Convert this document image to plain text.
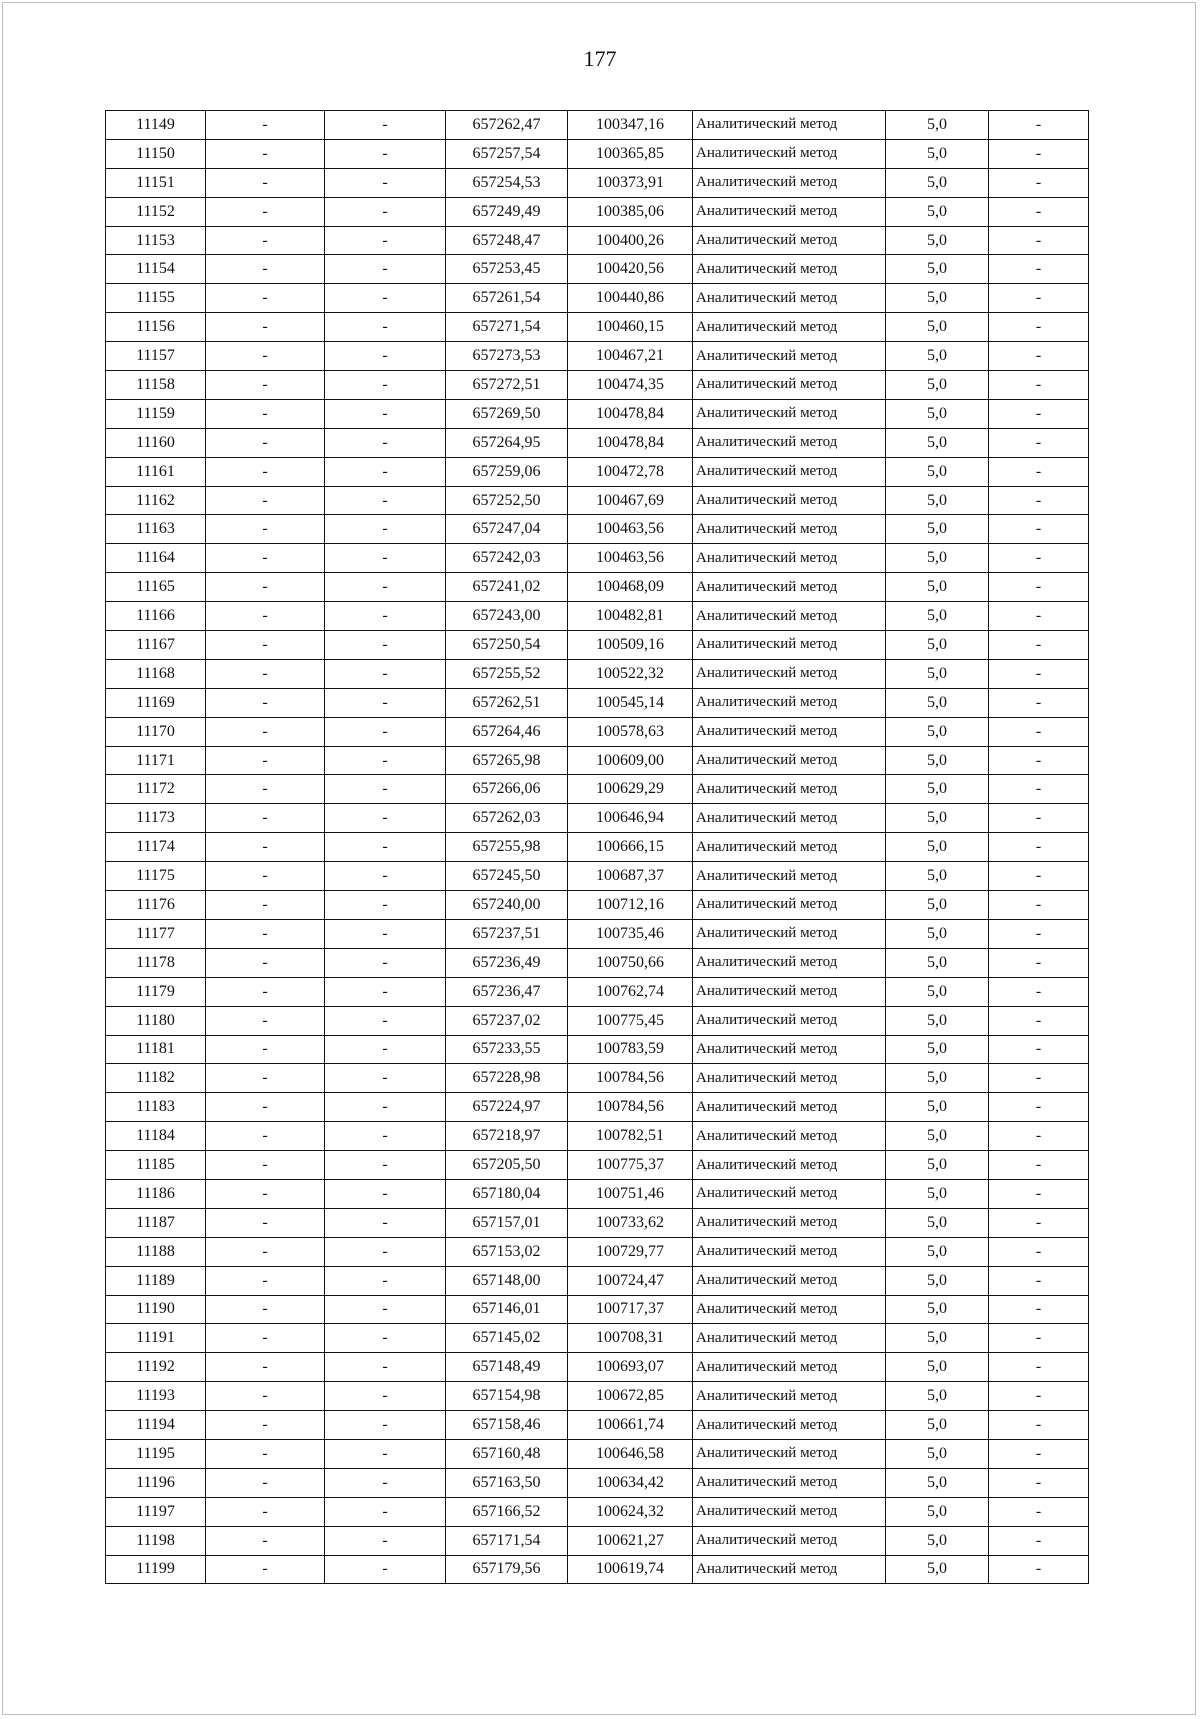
177
11149	-	-	657262,47	100347,16	Аналитический метод	5,0	-
11150	-	-	657257,54	100365,85	Аналитический метод	5,0	-
11151	-	-	657254,53	100373,91	Аналитический метод	5,0	-
11152	-	-	657249,49	100385,06	Аналитический метод	5,0	-
11153	-	-	657248,47	100400,26	Аналитический метод	5,0	-
11154	-	-	657253,45	100420,56	Аналитический метод	5,0	-
11155	-	-	657261,54	100440,86	Аналитический метод	5,0	-
11156	-	-	657271,54	100460,15	Аналитический метод	5,0	-
11157	-	-	657273,53	100467,21	Аналитический метод	5,0	-
11158	-	-	657272,51	100474,35	Аналитический метод	5,0	-
11159	-	-	657269,50	100478,84	Аналитический метод	5,0	-
11160	-	-	657264,95	100478,84	Аналитический метод	5,0	-
11161	-	-	657259,06	100472,78	Аналитический метод	5,0	-
11162	-	-	657252,50	100467,69	Аналитический метод	5,0	-
11163	-	-	657247,04	100463,56	Аналитический метод	5,0	-
11164	-	-	657242,03	100463,56	Аналитический метод	5,0	-
11165	-	-	657241,02	100468,09	Аналитический метод	5,0	-
11166	-	-	657243,00	100482,81	Аналитический метод	5,0	-
11167	-	-	657250,54	100509,16	Аналитический метод	5,0	-
11168	-	-	657255,52	100522,32	Аналитический метод	5,0	-
11169	-	-	657262,51	100545,14	Аналитический метод	5,0	-
11170	-	-	657264,46	100578,63	Аналитический метод	5,0	-
11171	-	-	657265,98	100609,00	Аналитический метод	5,0	-
11172	-	-	657266,06	100629,29	Аналитический метод	5,0	-
11173	-	-	657262,03	100646,94	Аналитический метод	5,0	-
11174	-	-	657255,98	100666,15	Аналитический метод	5,0	-
11175	-	-	657245,50	100687,37	Аналитический метод	5,0	-
11176	-	-	657240,00	100712,16	Аналитический метод	5,0	-
11177	-	-	657237,51	100735,46	Аналитический метод	5,0	-
11178	-	-	657236,49	100750,66	Аналитический метод	5,0	-
11179	-	-	657236,47	100762,74	Аналитический метод	5,0	-
11180	-	-	657237,02	100775,45	Аналитический метод	5,0	-
11181	-	-	657233,55	100783,59	Аналитический метод	5,0	-
11182	-	-	657228,98	100784,56	Аналитический метод	5,0	-
11183	-	-	657224,97	100784,56	Аналитический метод	5,0	-
11184	-	-	657218,97	100782,51	Аналитический метод	5,0	-
11185	-	-	657205,50	100775,37	Аналитический метод	5,0	-
11186	-	-	657180,04	100751,46	Аналитический метод	5,0	-
11187	-	-	657157,01	100733,62	Аналитический метод	5,0	-
11188	-	-	657153,02	100729,77	Аналитический метод	5,0	-
11189	-	-	657148,00	100724,47	Аналитический метод	5,0	-
11190	-	-	657146,01	100717,37	Аналитический метод	5,0	-
11191	-	-	657145,02	100708,31	Аналитический метод	5,0	-
11192	-	-	657148,49	100693,07	Аналитический метод	5,0	-
11193	-	-	657154,98	100672,85	Аналитический метод	5,0	-
11194	-	-	657158,46	100661,74	Аналитический метод	5,0	-
11195	-	-	657160,48	100646,58	Аналитический метод	5,0	-
11196	-	-	657163,50	100634,42	Аналитический метод	5,0	-
11197	-	-	657166,52	100624,32	Аналитический метод	5,0	-
11198	-	-	657171,54	100621,27	Аналитический метод	5,0	-
11199	-	-	657179,56	100619,74	Аналитический метод	5,0	-
